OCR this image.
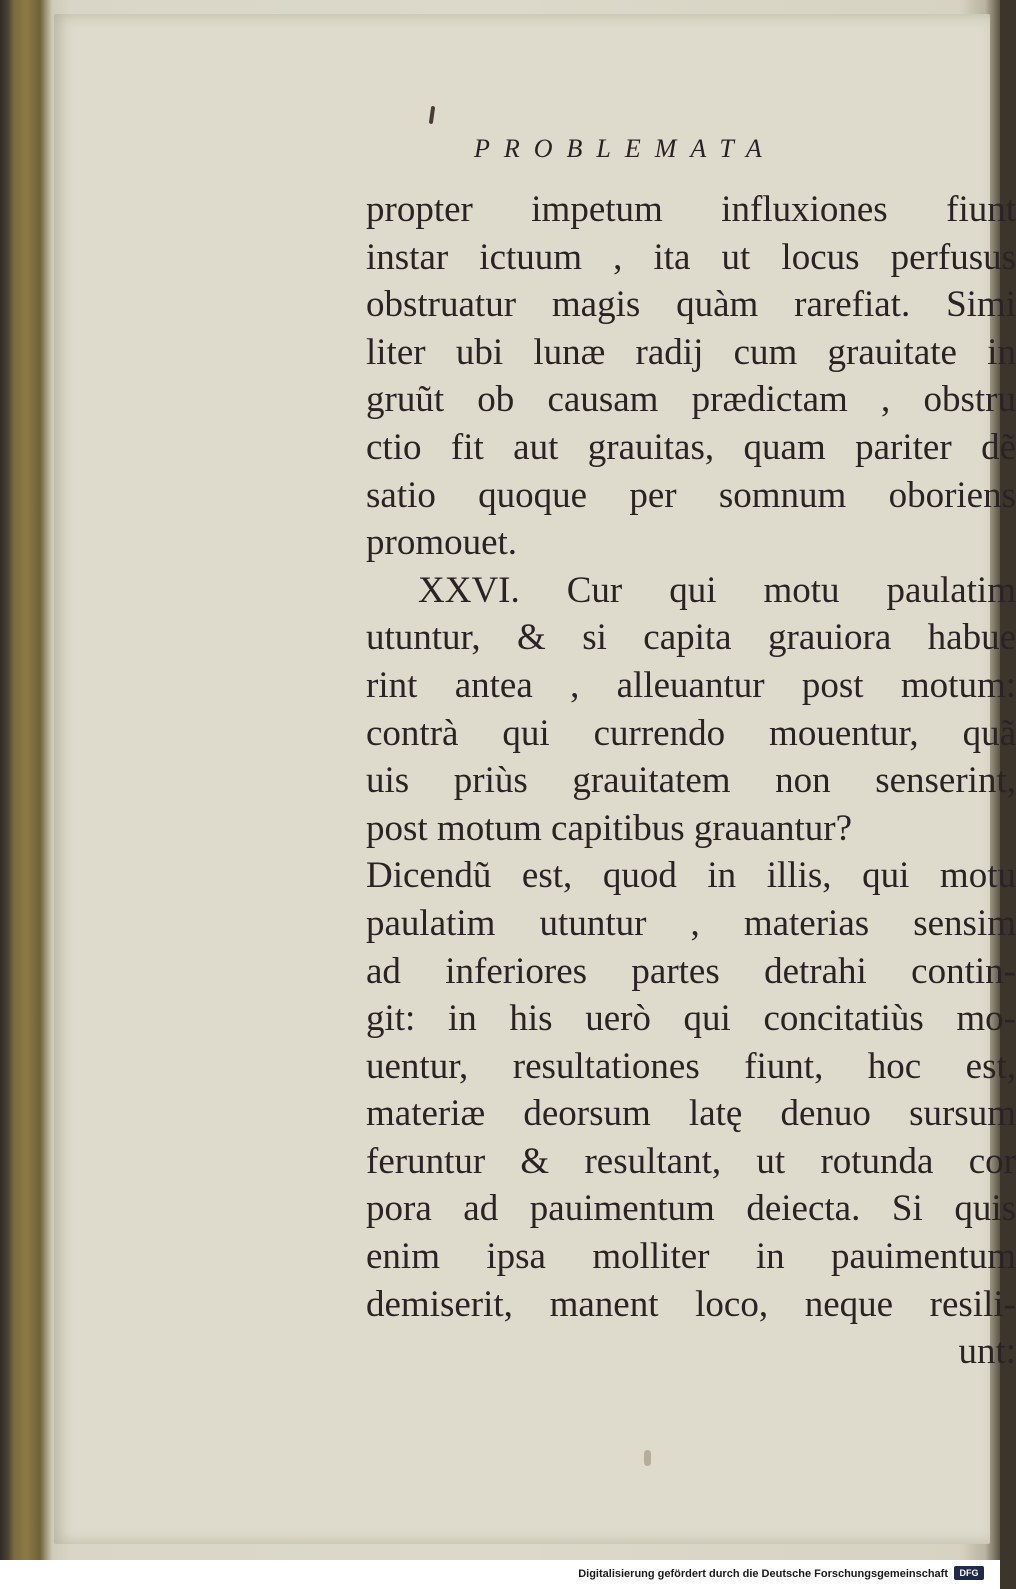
PROBLEMATA
propter impetum influxiones fiunt
instar ictuum , ita ut locus perfusus
obstruatur magis quàm rarefiat. Simi
liter ubi lunæ radij cum grauitate in
gruũt ob causam prædictam , obstru
ctio fit aut grauitas, quam pariter dẽ
satio quoque per somnum oboriens
promouet.
XXVI. Cur qui motu paulatim
utuntur, & si capita grauiora habue
rint antea , alleuantur post motum:
contrà qui currendo mouentur, quã
uis priùs grauitatem non senserint,
post motum capitibus grauantur?
Dicendũ est, quod in illis, qui motu
paulatim utuntur , materias sensim
ad inferiores partes detrahi contin-
git: in his uerò qui concitatiùs mo-
uentur, resultationes fiunt, hoc est,
materiæ deorsum latę denuo sursum
feruntur & resultant, ut rotunda cor
pora ad pauimentum deiecta. Si quis
enim ipsa molliter in pauimentum
demiserit, manent loco, neque resili-
unt:
Digitalisierung gefördert durch die Deutsche Forschungsgemeinschaft	DFG
